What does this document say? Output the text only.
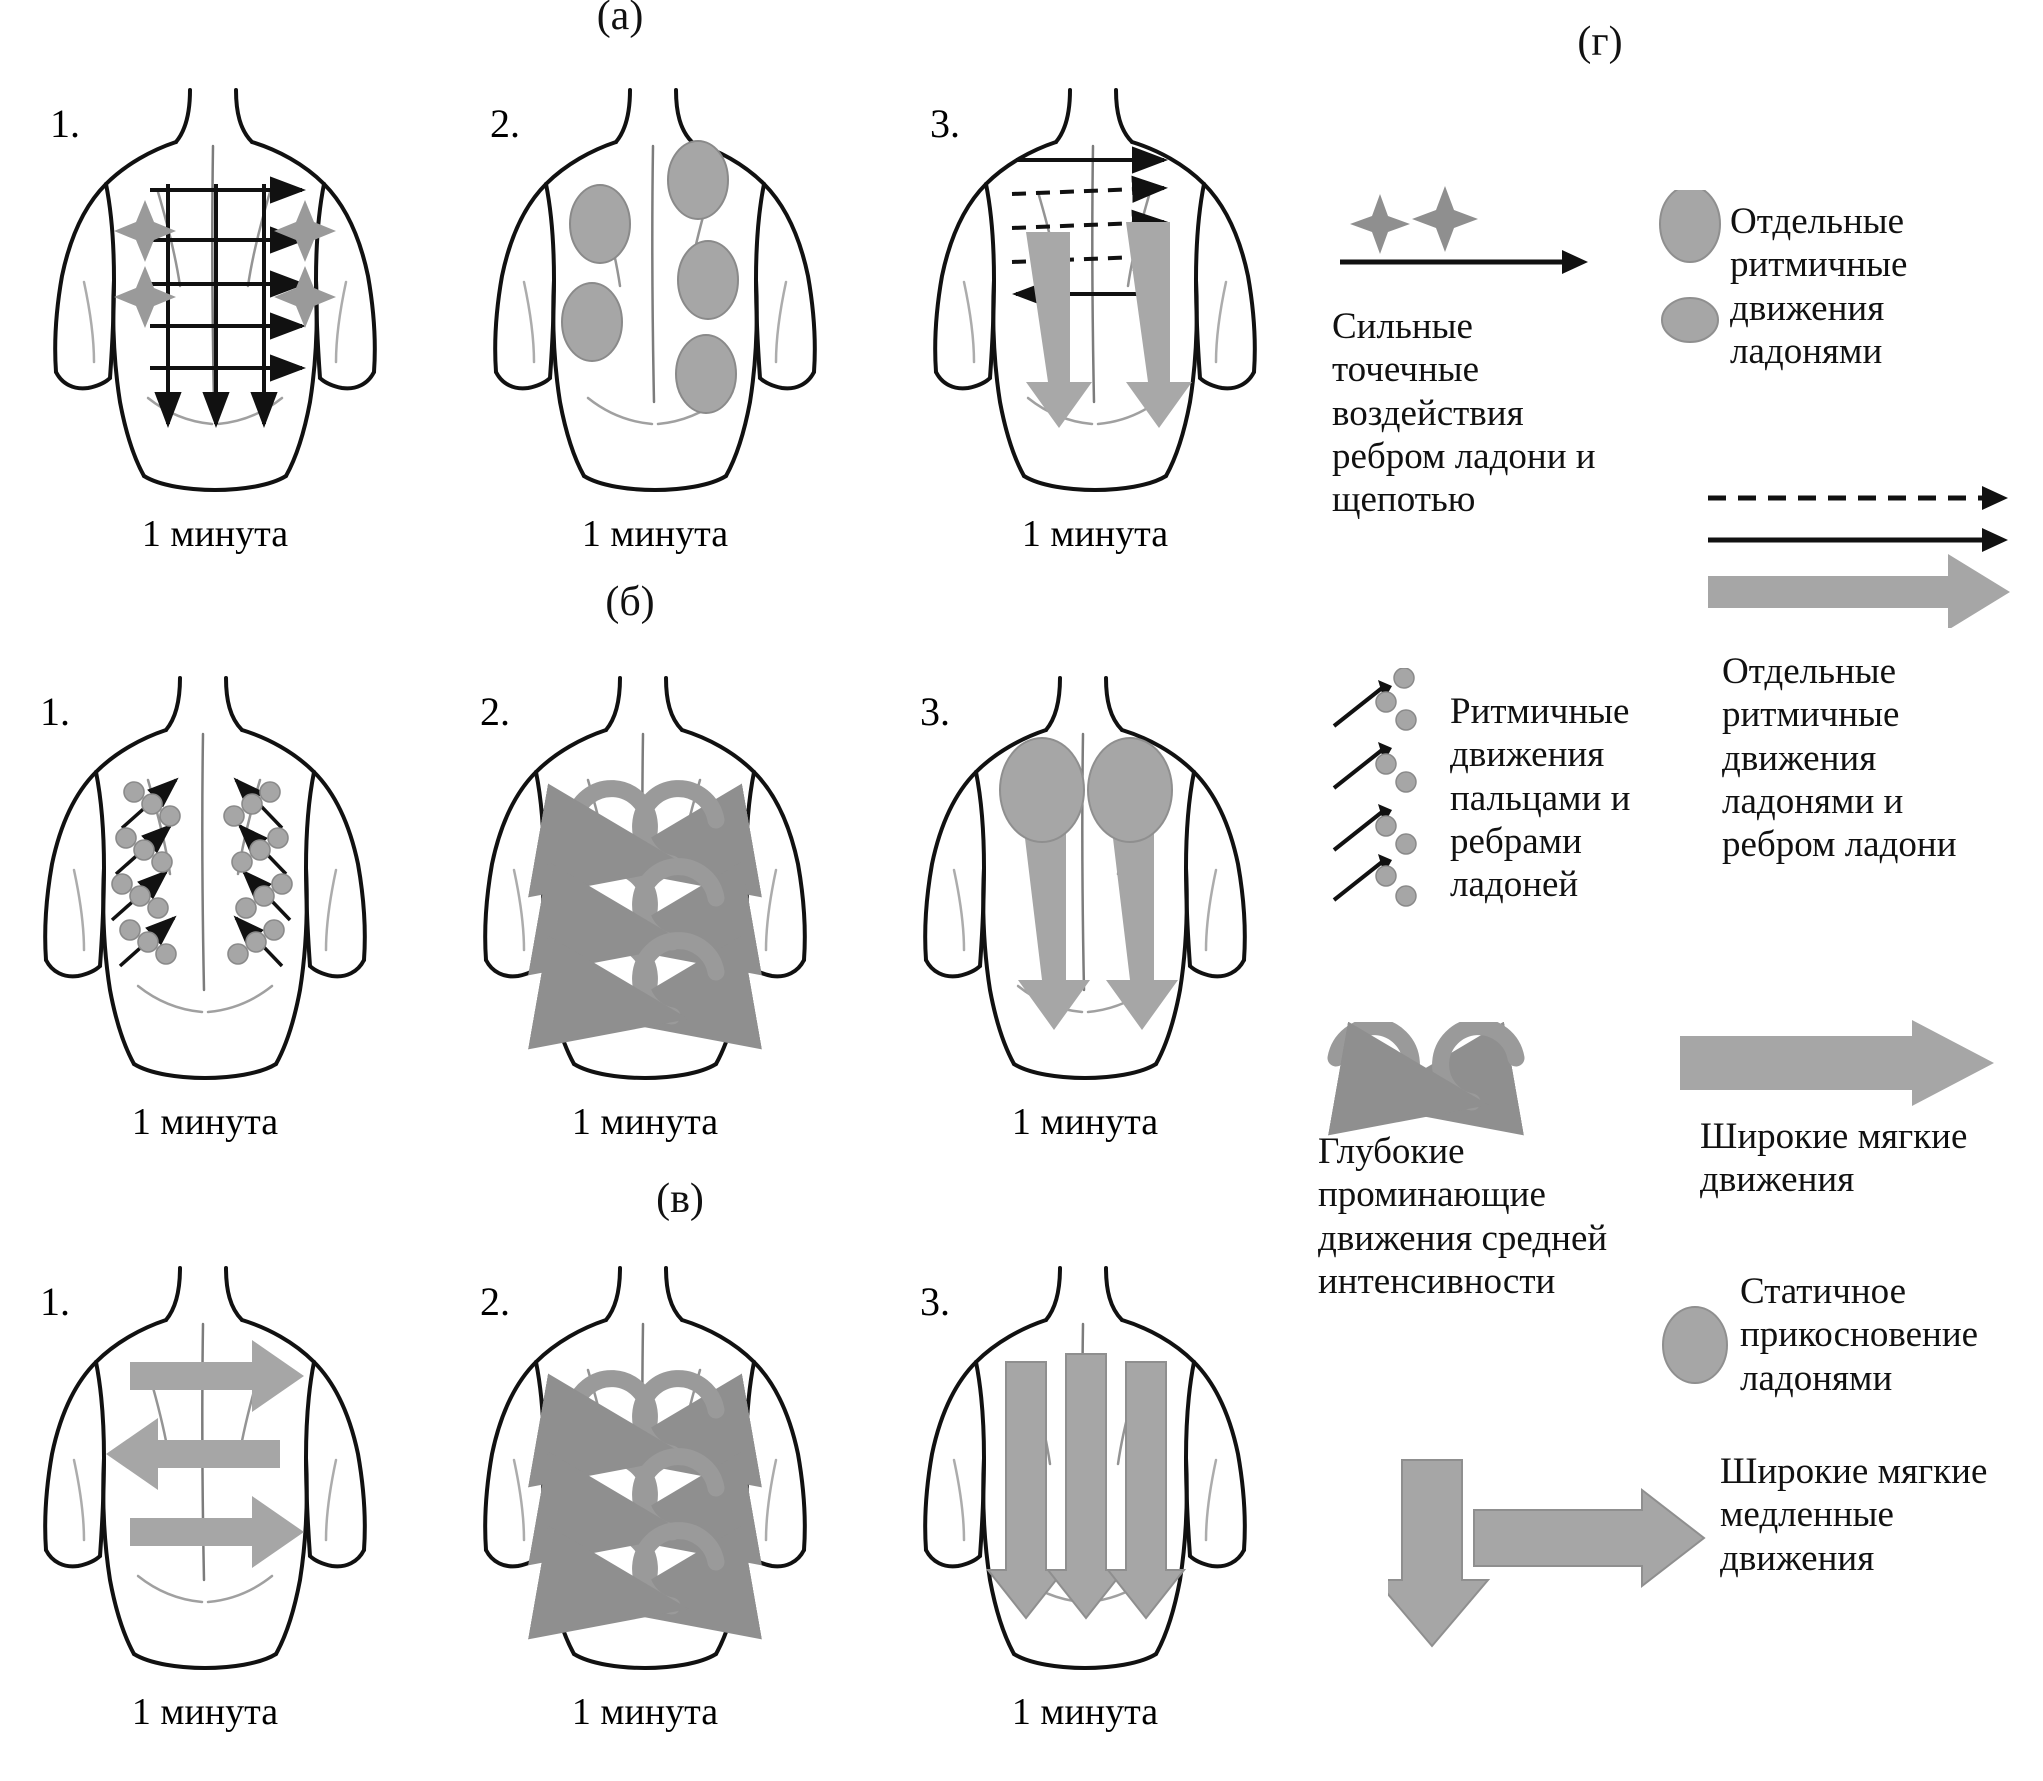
(а)
(б)
(в)
(г)
1.
1 минута
2.
1 минута
3.
1 минута
1.
1 минута
2.
1 минута
3.
1 минута
1.
1 минута
2.
1 минута
3.
1 минута
Сильные точечные воздействия ребром ладони и щепотью
Отдельные ритмичные движения ладонями
Отдельные ритмичные движения ладонями и ребром ладони
Ритмичные движения пальцами и ребрами ладоней
Глубокие проминающие движения средней интенсивности
Широкие мягкие движения
Статичное прикосновение ладонями
Широкие мягкие медленные движения
